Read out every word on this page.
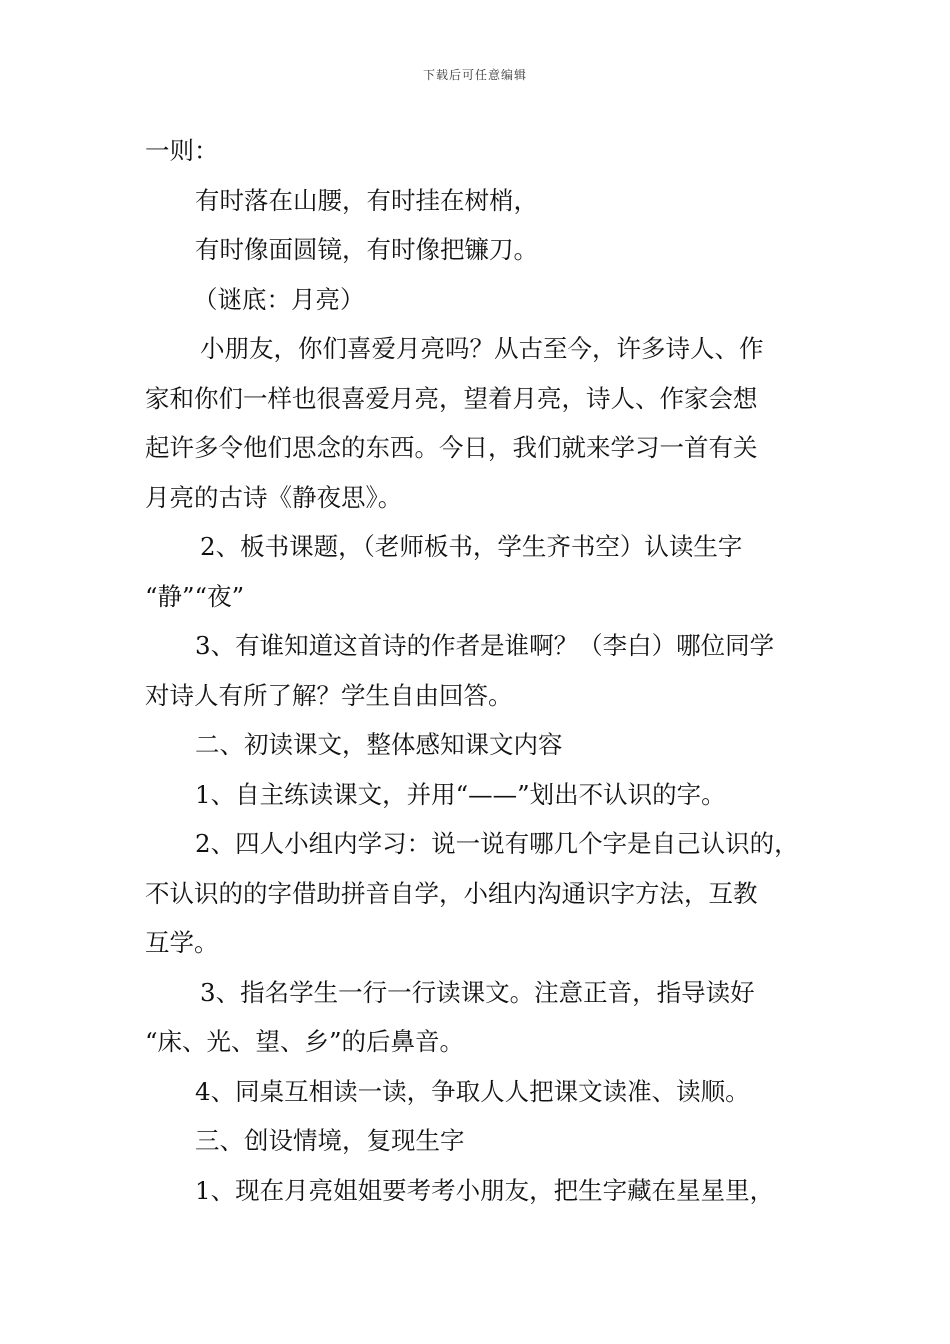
下载后可任意编辑
一则：
有时落在山腰，有时挂在树梢，
有时像面圆镜，有时像把镰刀。
（谜底：月亮）
小朋友，你们喜爱月亮吗？从古至今，许多诗人、作
家和你们一样也很喜爱月亮，望着月亮，诗人、作家会想
起许多令他们思念的东西。今日，我们就来学习一首有关
月亮的古诗《静夜思》。
2、板书课题，（老师板书，学生齐书空）认读生字
“静”“夜”
3、有谁知道这首诗的作者是谁啊？（李白）哪位同学
对诗人有所了解？学生自由回答。
二、初读课文，整体感知课文内容
1、自主练读课文，并用“——”划出不认识的字。
2、四人小组内学习：说一说有哪几个字是自己认识的，
不认识的的字借助拼音自学，小组内沟通识字方法，互教
互学。
3、指名学生一行一行读课文。注意正音，指导读好
“床、光、望、乡”的后鼻音。
4、同桌互相读一读，争取人人把课文读准、读顺。
三、创设情境，复现生字
1、现在月亮姐姐要考考小朋友，把生字藏在星星里，
